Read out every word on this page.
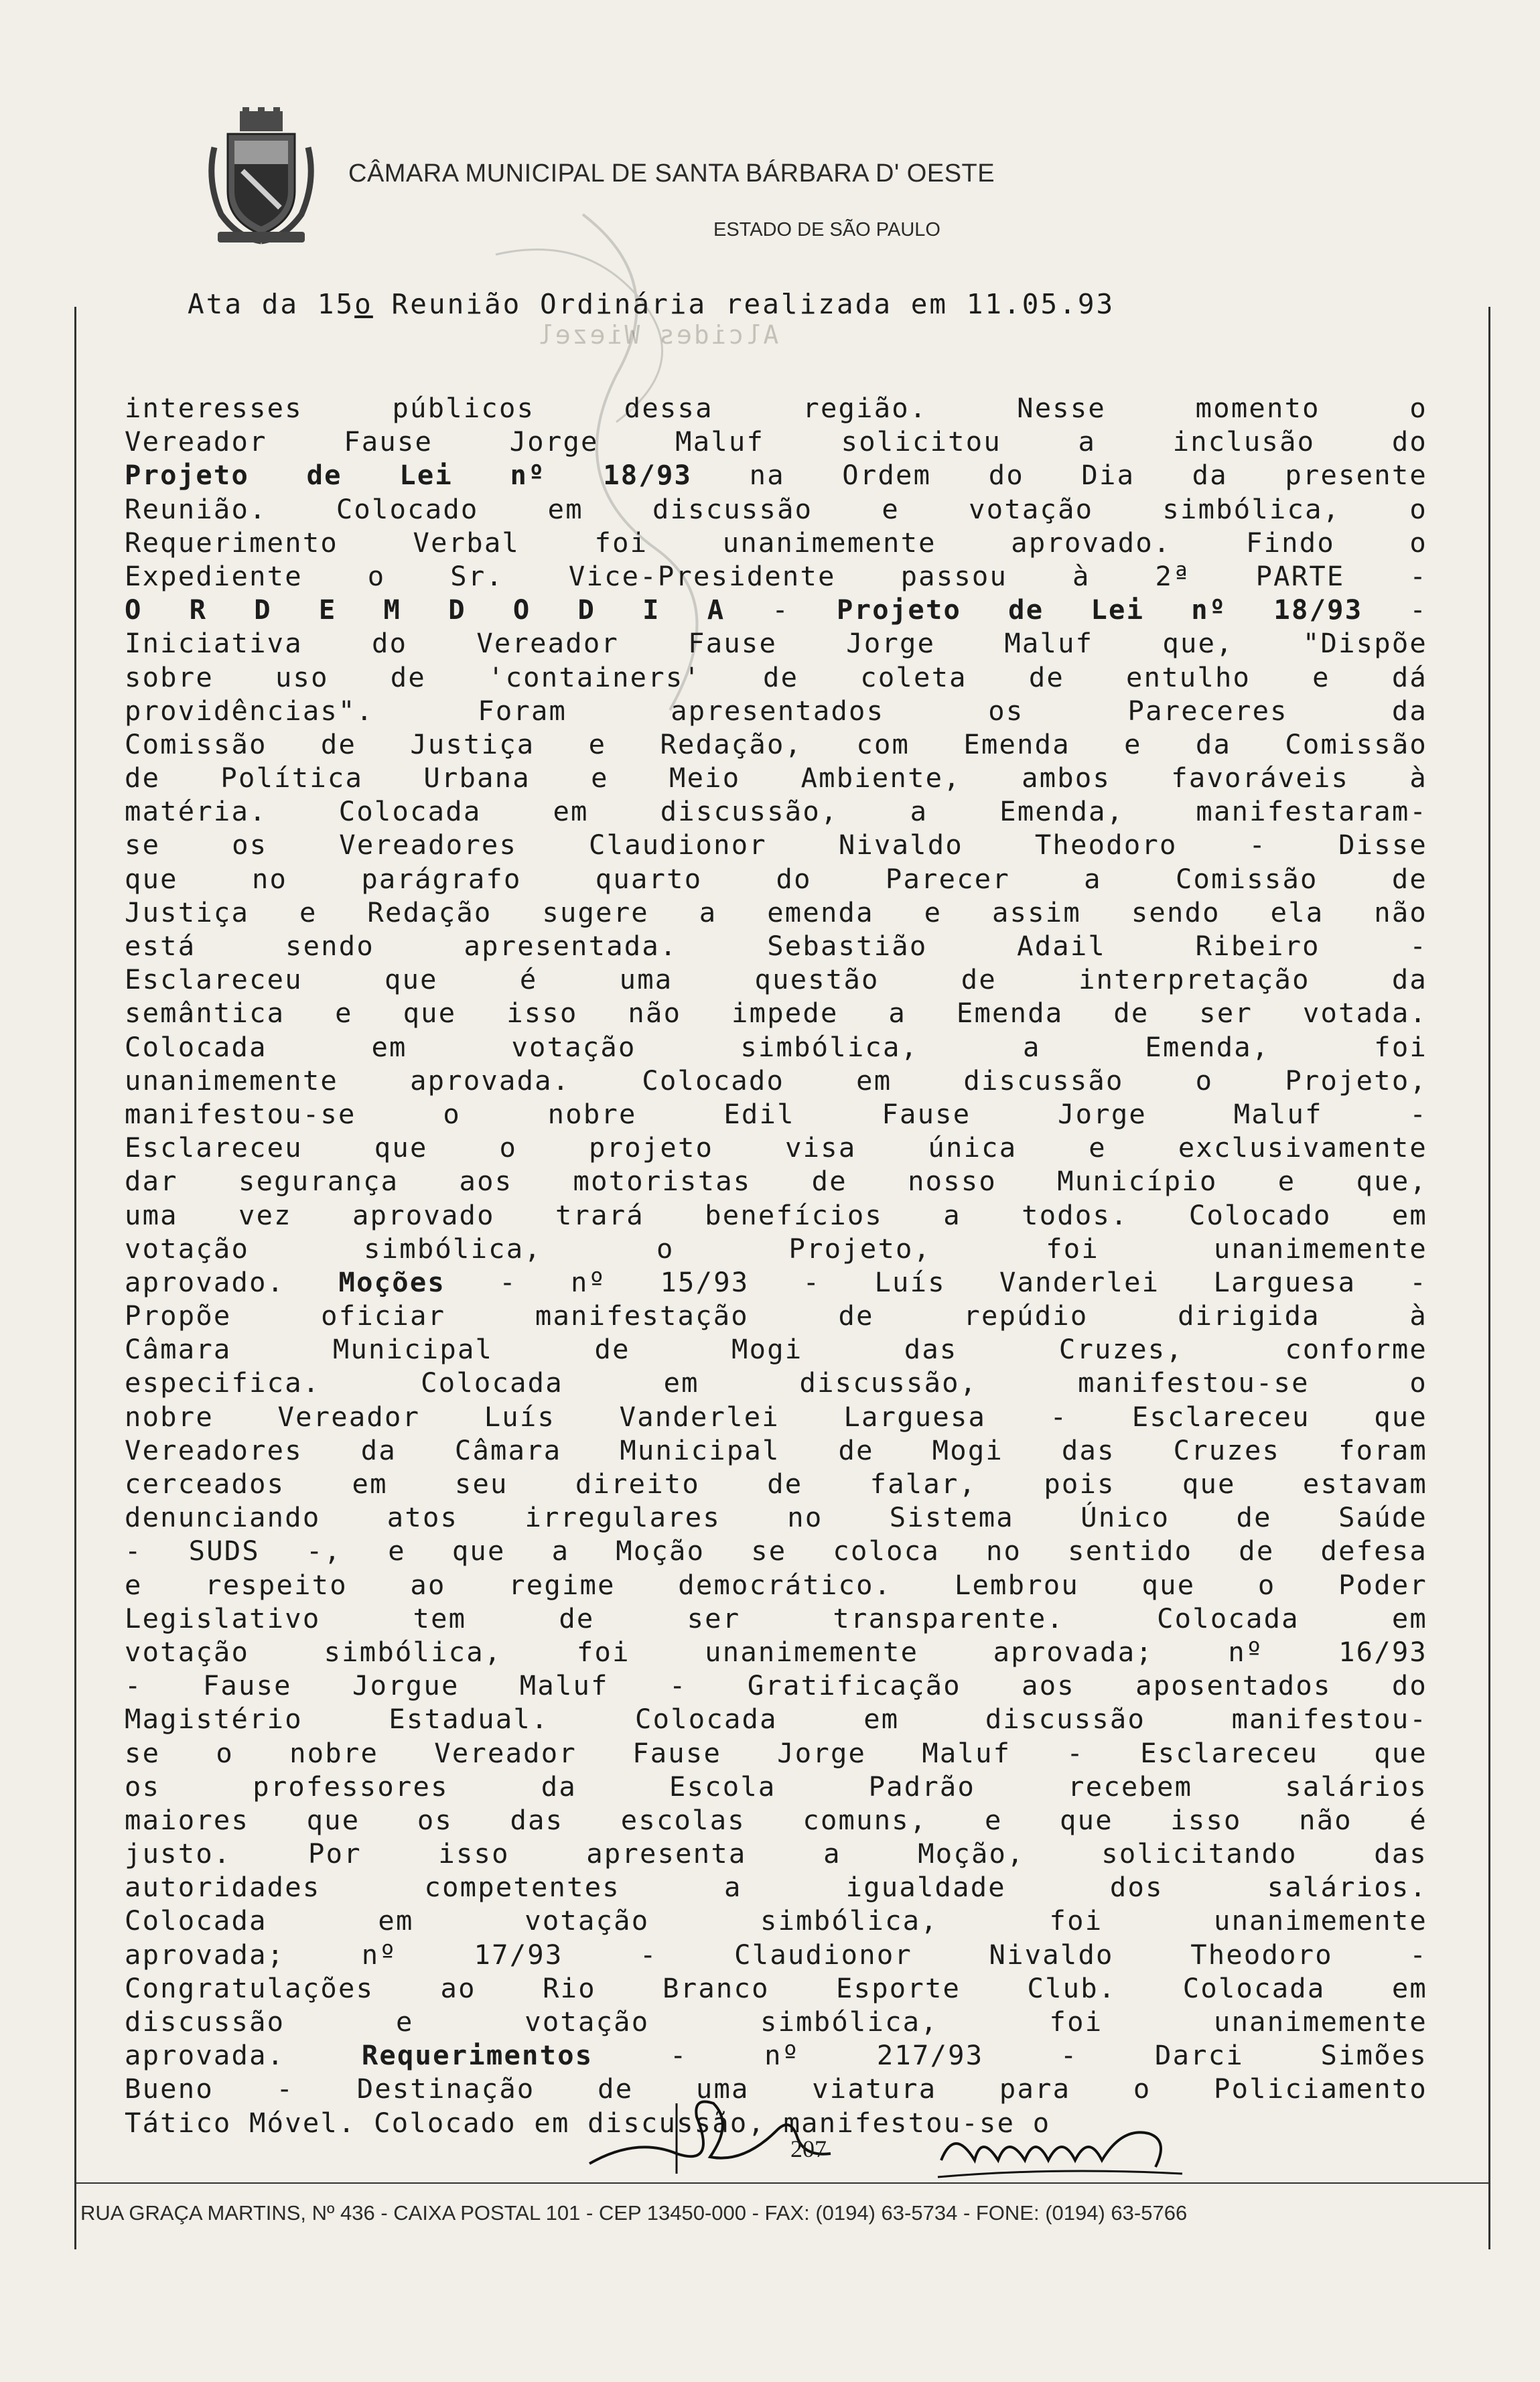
CÂMARA MUNICIPAL DE SANTA BÁRBARA D' OESTE
ESTADO DE SÃO PAULO
Alcides Wiezel
Ata da 15o Reunião Ordinária realizada em 11.05.93
interesses públicos dessa região. Nesse momento o
Vereador Fause Jorge Maluf solicitou a inclusão do
Projeto de Lei nº 18/93 na Ordem do Dia da presente
Reunião. Colocado em discussão e votação simbólica, o
Requerimento Verbal foi unanimemente aprovado. Findo o
Expediente o Sr. Vice-Presidente passou à 2ª PARTE -
O R D E M D O D I A - Projeto de Lei nº 18/93 -
Iniciativa do Vereador Fause Jorge Maluf que, "Dispõe
sobre uso de 'containers' de coleta de entulho e dá
providências". Foram apresentados os Pareceres da
Comissão de Justiça e Redação, com Emenda e da Comissão
de Política Urbana e Meio Ambiente, ambos favoráveis à
matéria. Colocada em discussão, a Emenda, manifestaram-
se os Vereadores Claudionor Nivaldo Theodoro - Disse
que no parágrafo quarto do Parecer a Comissão de
Justiça e Redação sugere a emenda e assim sendo ela não
está sendo apresentada. Sebastião Adail Ribeiro -
Esclareceu que é uma questão de interpretação da
semântica e que isso não impede a Emenda de ser votada.
Colocada em votação simbólica, a Emenda, foi
unanimemente aprovada. Colocado em discussão o Projeto,
manifestou-se o nobre Edil Fause Jorge Maluf -
Esclareceu que o projeto visa única e exclusivamente
dar segurança aos motoristas de nosso Município e que,
uma vez aprovado trará benefícios a todos. Colocado em
votação simbólica, o Projeto, foi unanimemente
aprovado. Moções - nº 15/93 - Luís Vanderlei Larguesa -
Propõe oficiar manifestação de repúdio dirigida à
Câmara Municipal de Mogi das Cruzes, conforme
especifica. Colocada em discussão, manifestou-se o
nobre Vereador Luís Vanderlei Larguesa - Esclareceu que
Vereadores da Câmara Municipal de Mogi das Cruzes foram
cerceados em seu direito de falar, pois que estavam
denunciando atos irregulares no Sistema Único de Saúde
- SUDS -, e que a Moção se coloca no sentido de defesa
e respeito ao regime democrático. Lembrou que o Poder
Legislativo tem de ser transparente. Colocada em
votação simbólica, foi unanimemente aprovada; nº 16/93
- Fause Jorgue Maluf - Gratificação aos aposentados do
Magistério Estadual. Colocada em discussão manifestou-
se o nobre Vereador Fause Jorge Maluf - Esclareceu que
os professores da Escola Padrão recebem salários
maiores que os das escolas comuns, e que isso não é
justo. Por isso apresenta a Moção, solicitando das
autoridades competentes a igualdade dos salários.
Colocada em votação simbólica, foi unanimemente
aprovada; nº 17/93 - Claudionor Nivaldo Theodoro -
Congratulações ao Rio Branco Esporte Club. Colocada em
discussão e votação simbólica, foi unanimemente
aprovada. Requerimentos - nº 217/93 - Darci Simões
Bueno - Destinação de uma viatura para o Policiamento
Tático Móvel. Colocado em discussão, manifestou-se o
207
RUA GRAÇA MARTINS, Nº 436 - CAIXA POSTAL 101 - CEP 13450-000 - FAX: (0194) 63-5734 - FONE: (0194) 63-5766
